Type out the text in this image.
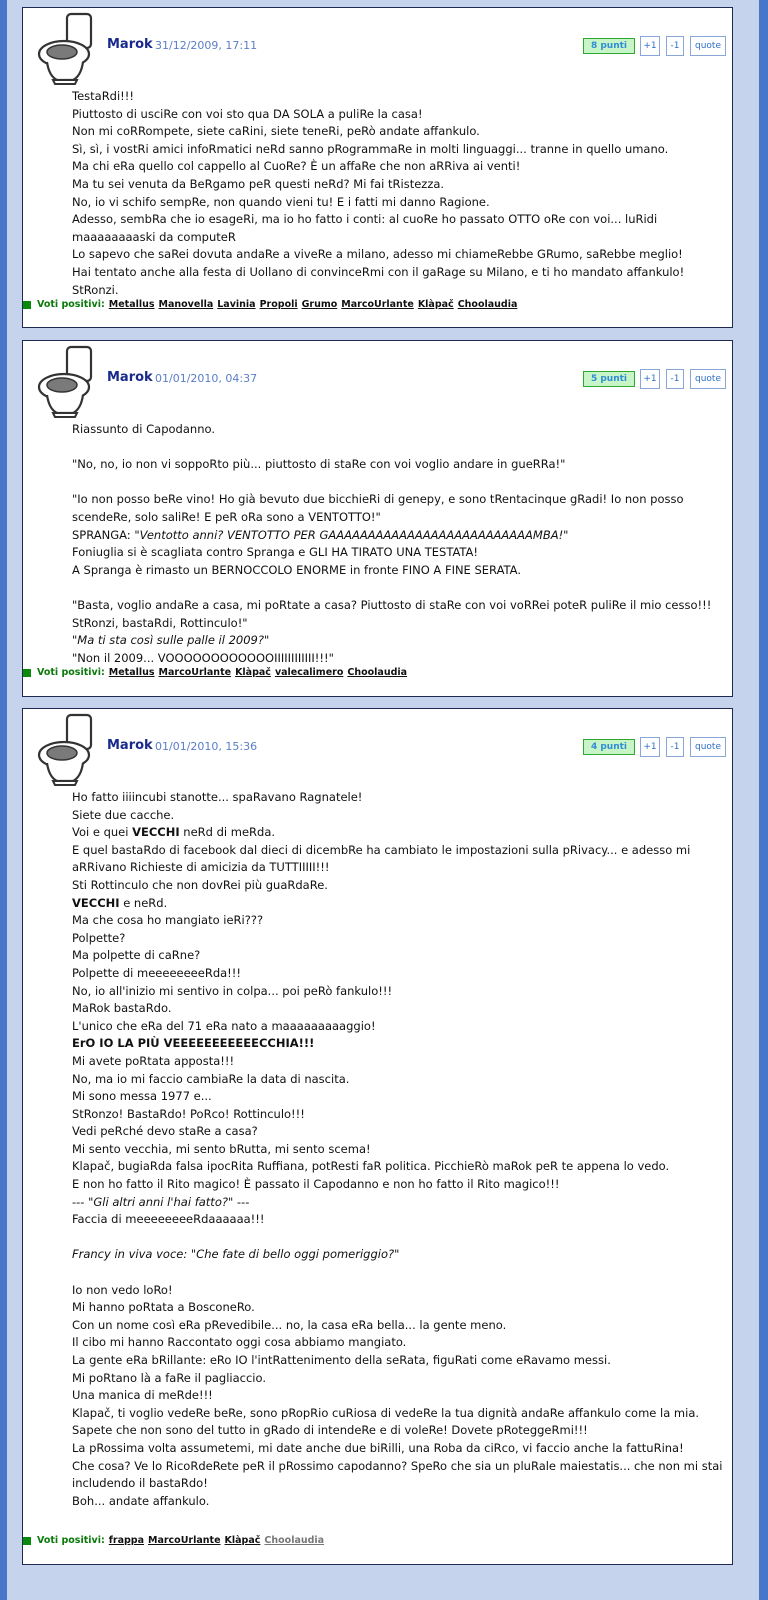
Marok 31/12/2009, 17:11	8 punti	+1	-1	quote

TestaRdi!!!

Piuttosto di usciRe con voi sto qua DA SOLA a puliRe la casa!

Non mi coRRompete, siete caRini, siete teneRi, peRò andate affankulo.

Sì, sì, i vostRi amici infoRmatici neRd sanno pRogrammaRe in molti linguaggi... tranne in quello umano.

Ma chi eRa quello col cappello al CuoRe? È un affaRe che non aRRiva ai venti!

Ma tu sei venuta da BeRgamo peR questi neRd? Mi fai tRistezza.

No, io vi schifo sempRe, non quando vieni tu! E i fatti mi danno Ragione.

Adesso, sembRa che io esageRi, ma io ho fatto i conti: al cuoRe ho passato OTTO oRe con voi... luRidi maaaaaaaaski da computeR

Lo sapevo che saRei dovuta andaRe a viveRe a milano, adesso mi chiameRebbe GRumo, saRebbe meglio!

Hai tentato anche alla festa di Uollano di convinceRmi con il gaRage su Milano, e ti ho mandato affankulo!

StRonzi.

Voti positivi: Metallus Manovella Lavinia Propoli Grumo MarcoUrlante Klàpač Choolaudia
Marok 01/01/2010, 04:37	5 punti	+1	-1	quote

Riassunto di Capodanno.

"No, no, io non vi soppoRto più... piuttosto di staRe con voi voglio andare in gueRRa!"

"Io non posso beRe vino! Ho già bevuto due bicchieRi di genepy, e sono tRentacinque gRadi! Io non posso scendeRe, solo saliRe! E peR oRa sono a VENTOTTO!"

SPRANGA: "Ventotto anni? VENTOTTO PER GAAAAAAAAAAAAAAAAAAAAAAAAAAMBA!"

Foniuglia si è scagliata contro Spranga e GLI HA TIRATO UNA TESTATA!

A Spranga è rimasto un BERNOCCOLO ENORME in fronte FINO A FINE SERATA.

"Basta, voglio andaRe a casa, mi poRtate a casa? Piuttosto di staRe con voi voRRei poteR puliRe il mio cesso!!! StRonzi, bastaRdi, Rottinculo!"

"Ma ti sta così sulle palle il 2009?"

"Non il 2009... VOOOOOOOOOOOOIIIIIIIIIIII!!!"

Voti positivi: Metallus MarcoUrlante Klàpač valecalimero Choolaudia
Marok 01/01/2010, 15:36	4 punti	+1	-1	quote

Ho fatto iiiincubi stanotte... spaRavano Ragnatele!

Siete due cacche.

Voi e quei VECCHI neRd di meRda.

E quel bastaRdo di facebook dal dieci di dicembRe ha cambiato le impostazioni sulla pRivacy... e adesso mi aRRivano Richieste di amicizia da TUTTIIIII!!!

Sti Rottinculo che non dovRei più guaRdaRe.

VECCHI e neRd.

Ma che cosa ho mangiato ieRi???

Polpette?

Ma polpette di caRne?

Polpette di meeeeeeeeRda!!!

No, io all'inizio mi sentivo in colpa... poi peRò fankulo!!!

MaRok bastaRdo.

L'unico che eRa del 71 eRa nato a maaaaaaaaaggio!

ErO IO LA PIÙ VEEEEEEEEEEECCHIA!!!

Mi avete poRtata apposta!!!

No, ma io mi faccio cambiaRe la data di nascita.

Mi sono messa 1977 e...

StRonzo! BastaRdo! PoRco! Rottinculo!!!

Vedi peRché devo staRe a casa?

Mi sento vecchia, mi sento bRutta, mi sento scema!

Klapač, bugiaRda falsa ipocRita Ruffiana, potResti faR politica. PicchieRò maRok peR te appena lo vedo.

E non ho fatto il Rito magico! È passato il Capodanno e non ho fatto il Rito magico!!!

--- "Gli altri anni l'hai fatto?" ---

Faccia di meeeeeeeeRdaaaaaa!!!

Francy in viva voce: "Che fate di bello oggi pomeriggio?"

Io non vedo loRo!

Mi hanno poRtata a BosconeRo.

Con un nome così eRa pRevedibile... no, la casa eRa bella... la gente meno.

Il cibo mi hanno Raccontato oggi cosa abbiamo mangiato.

La gente eRa bRillante: eRo IO l'intRattenimento della seRata, figuRati come eRavamo messi.

Mi poRtano là a faRe il pagliaccio.

Una manica di meRde!!!

Klapač, ti voglio vedeRe beRe, sono pRopRio cuRiosa di vedeRe la tua dignità andaRe affankulo come la mia.

Sapete che non sono del tutto in gRado di intendeRe e di voleRe! Dovete pRoteggeRmi!!!

La pRossima volta assumetemi, mi date anche due biRilli, una Roba da ciRco, vi faccio anche la fattuRina!

Che cosa? Ve lo RicoRdeRete peR il pRossimo capodanno? SpeRo che sia un pluRale maiestatis... che non mi stai includendo il bastaRdo!

Boh... andate affankulo.

Voti positivi: frappa MarcoUrlante Klàpač Choolaudia
